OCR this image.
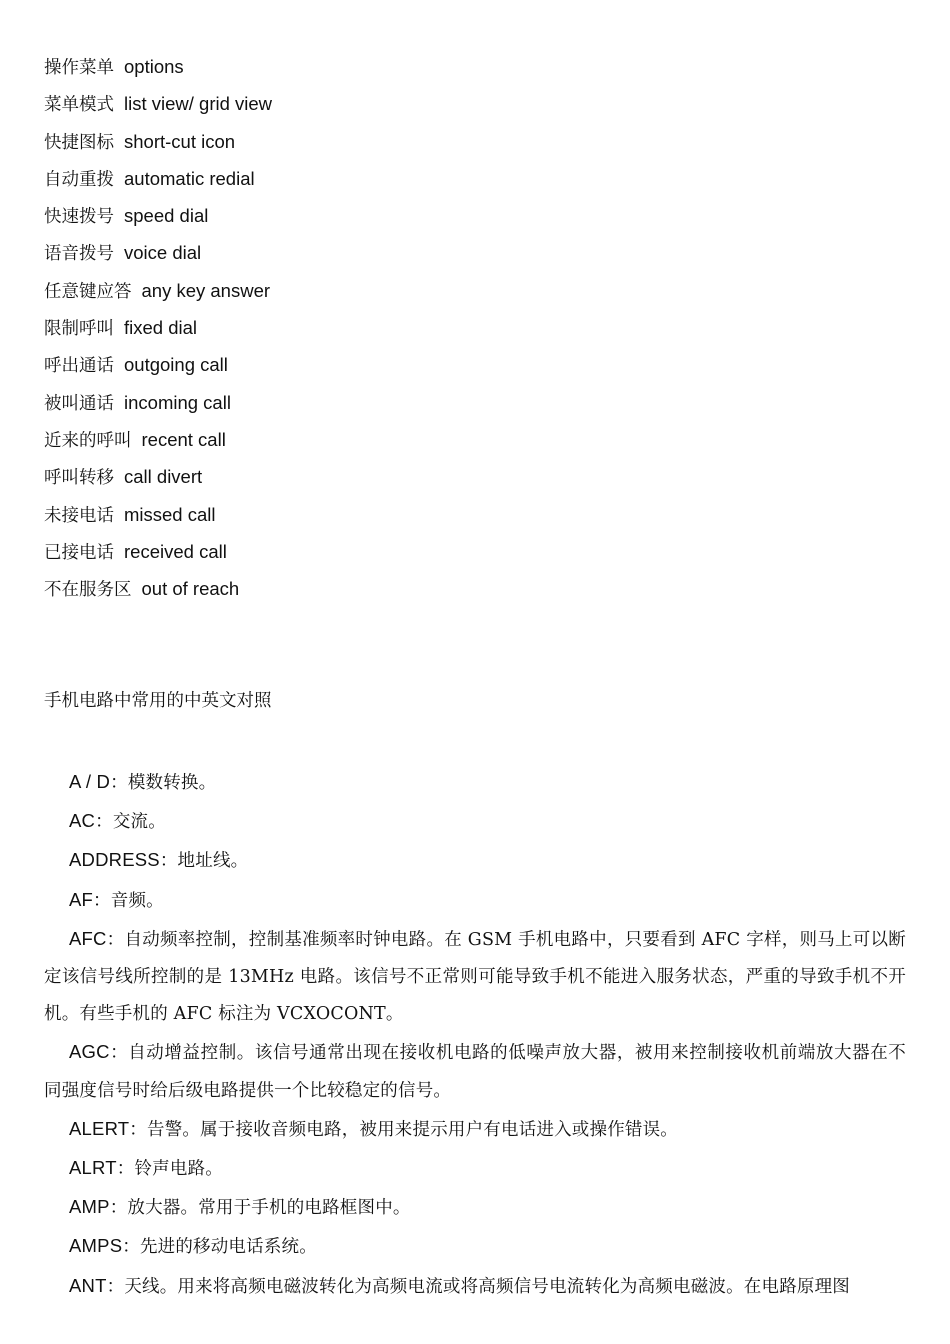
操作菜单 options
菜单模式 list view/ grid view
快捷图标 short-cut icon
自动重拨 automatic redial
快速拨号 speed dial
语音拨号 voice dial
任意键应答 any key answer
限制呼叫 fixed dial
呼出通话 outgoing call
被叫通话 incoming call
近来的呼叫 recent call
呼叫转移 call divert
未接电话 missed call
已接电话 received call
不在服务区 out of reach
手机电路中常用的中英文对照

A / D：模数转换。

AC：交流。

ADDRESS：地址线。

AF：音频。

AFC：自动频率控制，控制基准频率时钟电路。在 GSM 手机电路中，只要看到 AFC 字样，则马上可以断定该信号线所控制的是 13MHz 电路。该信号不正常则可能导致手机不能进入服务状态，严重的导致手机不开机。有些手机的 AFC 标注为 VCXOCONT。

AGC：自动增益控制。该信号通常出现在接收机电路的低噪声放大器，被用来控制接收机前端放大器在不同强度信号时给后级电路提供一个比较稳定的信号。

ALERT：告警。属于接收音频电路，被用来提示用户有电话进入或操作错误。

ALRT：铃声电路。

AMP：放大器。常用于手机的电路框图中。

AMPS：先进的移动电话系统。

ANT：天线。用来将高频电磁波转化为高频电流或将高频信号电流转化为高频电磁波。在电路原理图
